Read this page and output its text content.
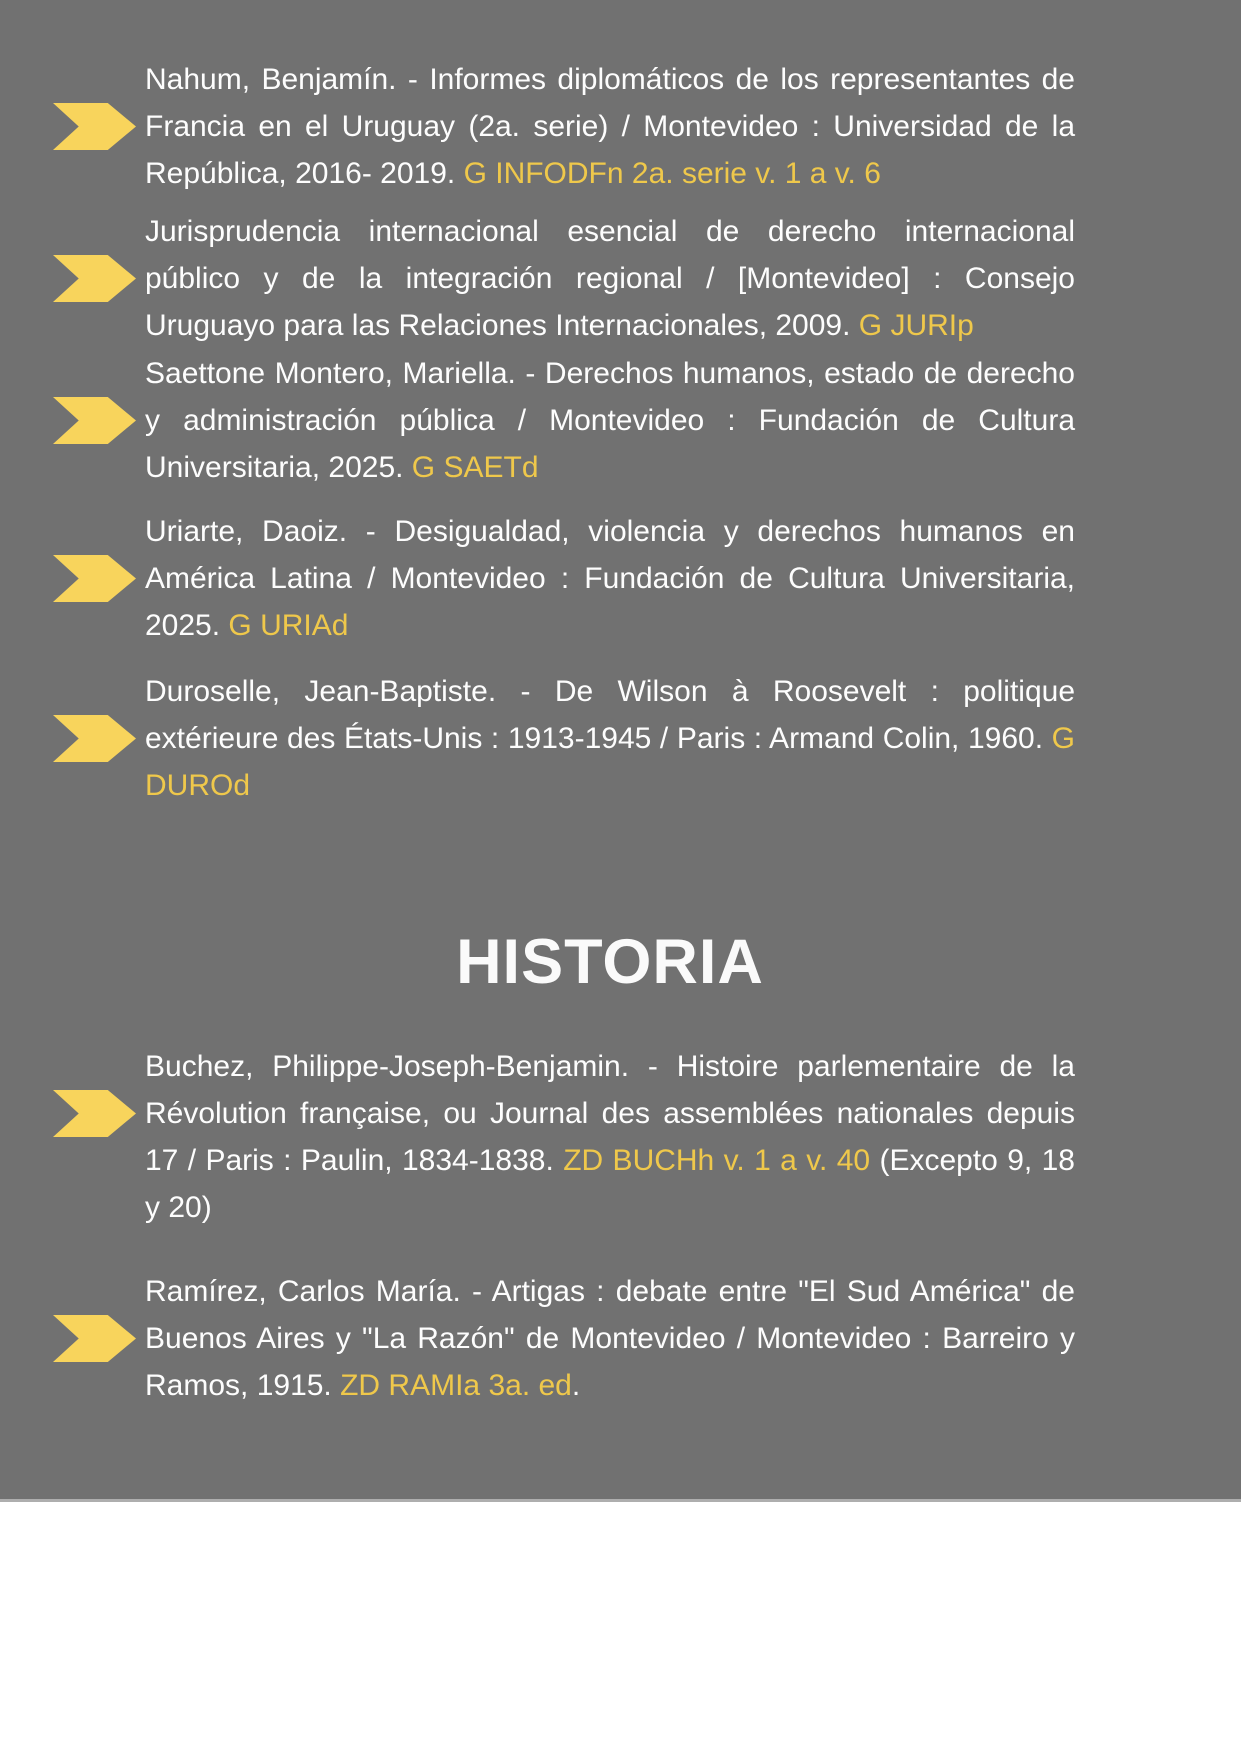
Nahum, Benjamín. - Informes diplomáticos de los representantes de Francia en el Uruguay (2a. serie) / Montevideo : Universidad de la República, 2016- 2019. G INFODFn 2a. serie v. 1 a v. 6

Jurisprudencia internacional esencial de derecho internacional público y de la integración regional / [Montevideo] : Consejo Uruguayo para las Relaciones Internacionales, 2009. G JURIp

Saettone Montero, Mariella. - Derechos humanos, estado de derecho y administración pública / Montevideo : Fundación de Cultura Universitaria, 2025. G SAETd

Uriarte, Daoiz. - Desigualdad, violencia y derechos humanos en América Latina / Montevideo : Fundación de Cultura Universitaria, 2025. G URIAd

Duroselle, Jean-Baptiste. - De Wilson à Roosevelt : politique extérieure des États-Unis : 1913-1945 / Paris : Armand Colin, 1960. G DUROd

Buchez, Philippe-Joseph-Benjamin. - Histoire parlementaire de la Révolution française, ou Journal des assemblées nationales depuis 17 / Paris : Paulin, 1834-1838. ZD BUCHh v. 1 a v. 40 (Excepto 9, 18 y 20)

Ramírez, Carlos María. - Artigas : debate entre "El Sud América" de Buenos Aires y "La Razón" de Montevideo / Montevideo : Barreiro y Ramos, 1915. ZD RAMIa 3a. ed.

HISTORIA
